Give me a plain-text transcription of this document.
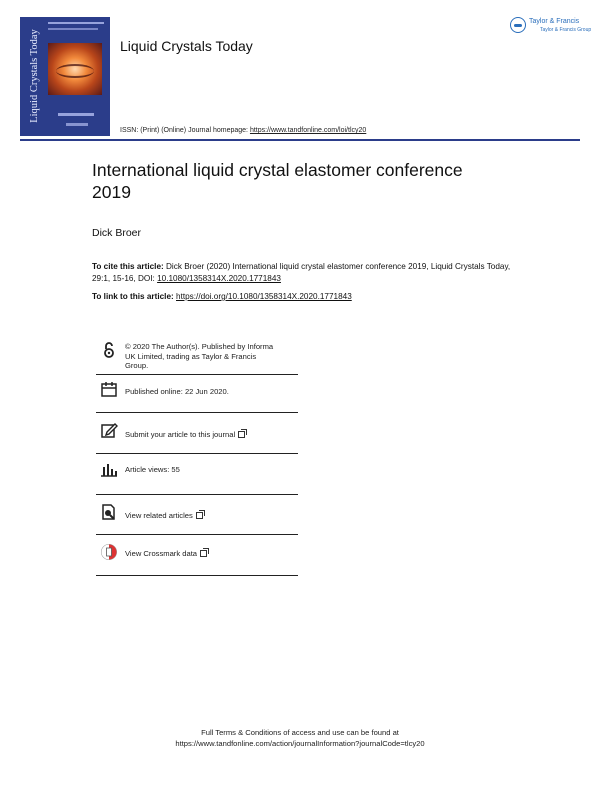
Liquid Crystals Today	Liquid Crystals Today
Taylor & Francis
Taylor & Francis Group
ISSN: (Print) (Online) Journal homepage: https://www.tandfonline.com/loi/tlcy20
International liquid crystal elastomer conference
2019
Dick Broer
To cite this article: Dick Broer (2020) International liquid crystal elastomer conference 2019, Liquid Crystals Today, 29:1, 15-16, DOI: 10.1080/1358314X.2020.1771843
To link to this article: https://doi.org/10.1080/1358314X.2020.1771843
© 2020 The Author(s). Published by Informa
UK Limited, trading as Taylor & Francis
Group.
Published online: 22 Jun 2020.
Submit your article to this journal
Article views: 55
View related articles
View Crossmark data
Full Terms & Conditions of access and use can be found at
https://www.tandfonline.com/action/journalInformation?journalCode=tlcy20
